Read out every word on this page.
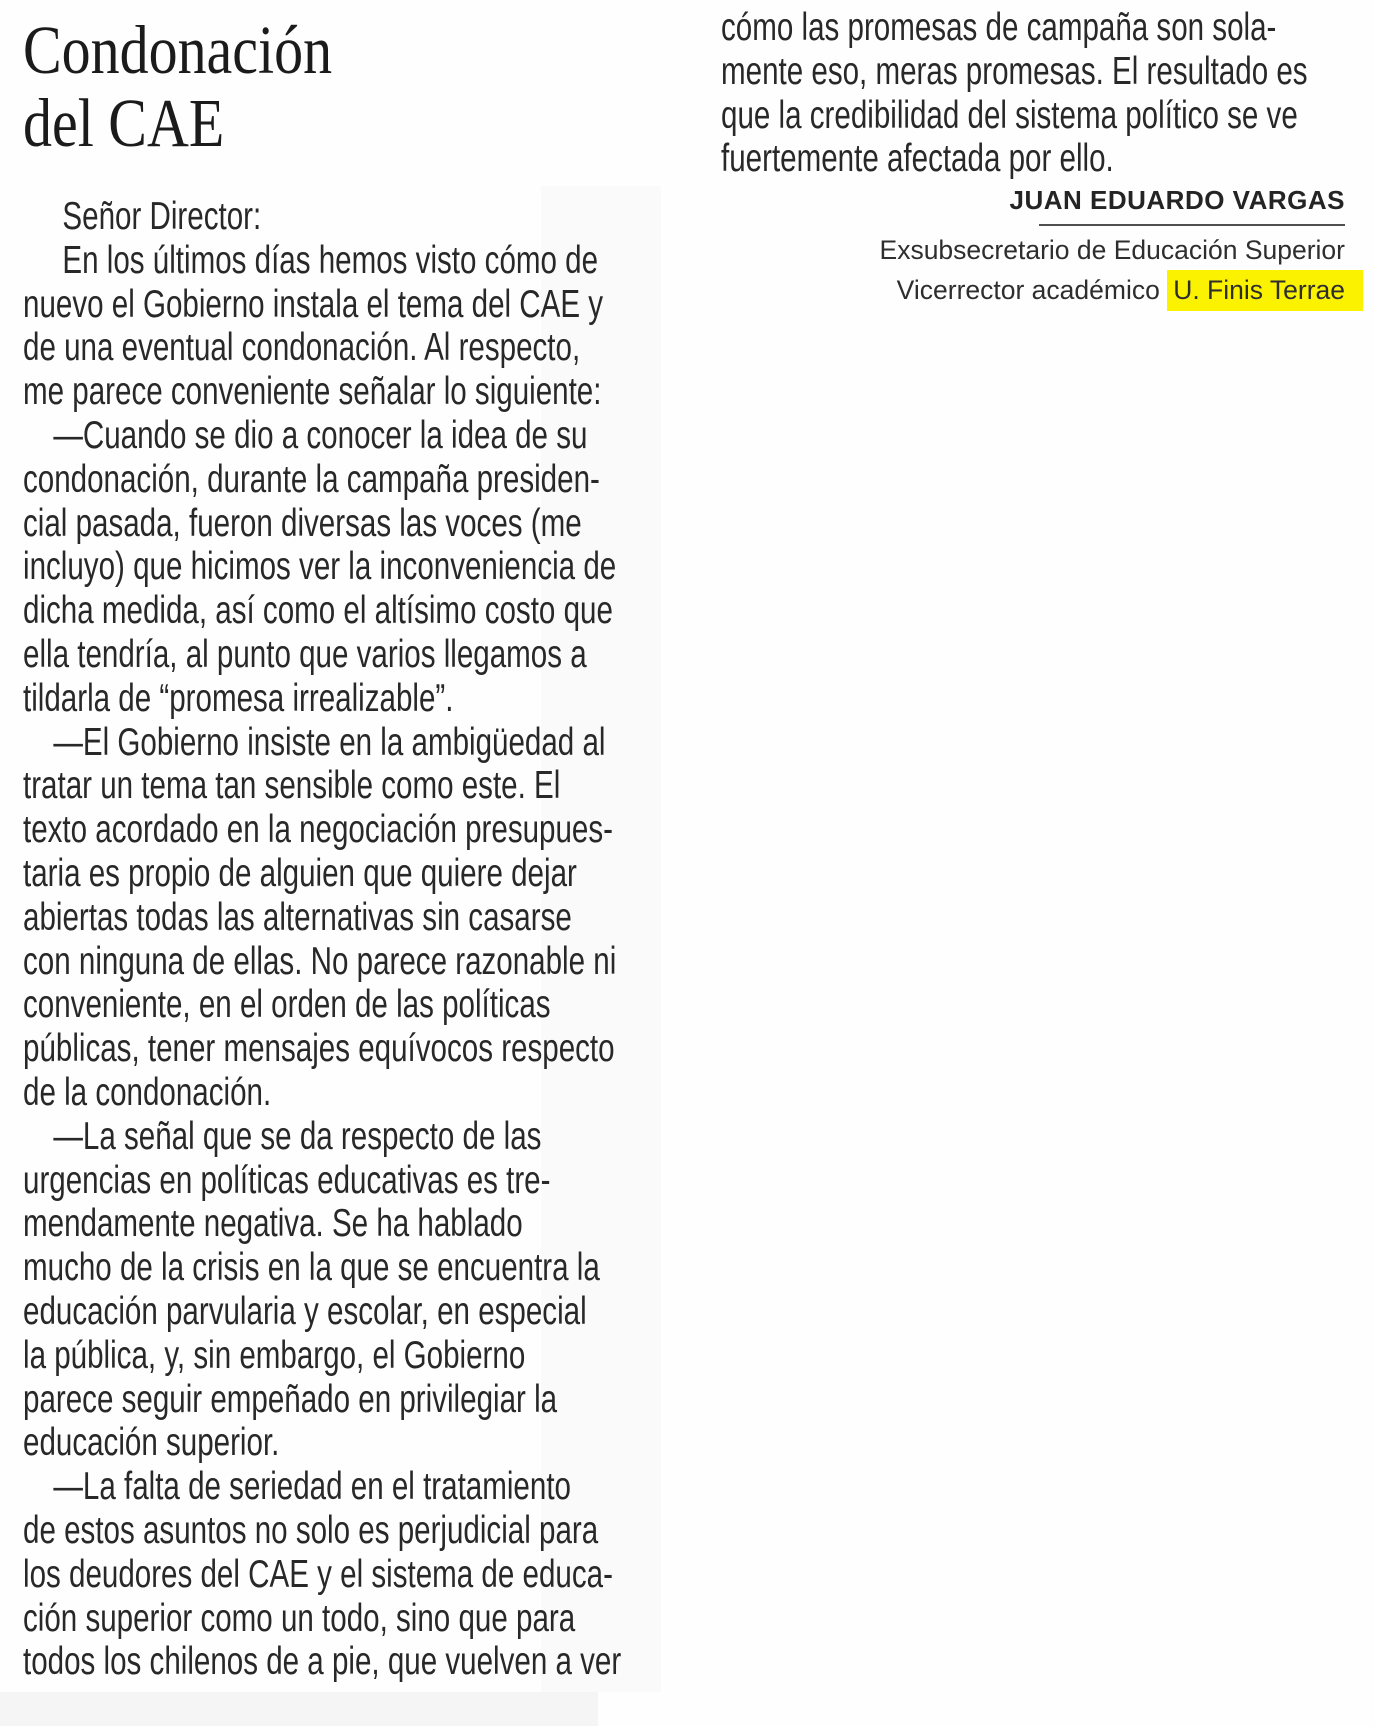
Condonación
del CAE
Señor Director:
En los últimos días hemos visto cómo de
nuevo el Gobierno instala el tema del CAE y
de una eventual condonación. Al respecto,
me parece conveniente señalar lo siguiente:
—Cuando se dio a conocer la idea de su
condonación, durante la campaña presiden-
cial pasada, fueron diversas las voces (me
incluyo) que hicimos ver la inconveniencia de
dicha medida, así como el altísimo costo que
ella tendría, al punto que varios llegamos a
tildarla de “promesa irrealizable”.
—El Gobierno insiste en la ambigüedad al
tratar un tema tan sensible como este. El
texto acordado en la negociación presupues-
taria es propio de alguien que quiere dejar
abiertas todas las alternativas sin casarse
con ninguna de ellas. No parece razonable ni
conveniente, en el orden de las políticas
públicas, tener mensajes equívocos respecto
de la condonación.
—La señal que se da respecto de las
urgencias en políticas educativas es tre-
mendamente negativa. Se ha hablado
mucho de la crisis en la que se encuentra la
educación parvularia y escolar, en especial
la pública, y, sin embargo, el Gobierno
parece seguir empeñado en privilegiar la
educación superior.
—La falta de seriedad en el tratamiento
de estos asuntos no solo es perjudicial para
los deudores del CAE y el sistema de educa-
ción superior como un todo, sino que para
todos los chilenos de a pie, que vuelven a ver
cómo las promesas de campaña son sola-
mente eso, meras promesas. El resultado es
que la credibilidad del sistema político se ve
fuertemente afectada por ello.
JUAN EDUARDO VARGAS
Exsubsecretario de Educación Superior
Vicerrector académico U. Finis Terrae
